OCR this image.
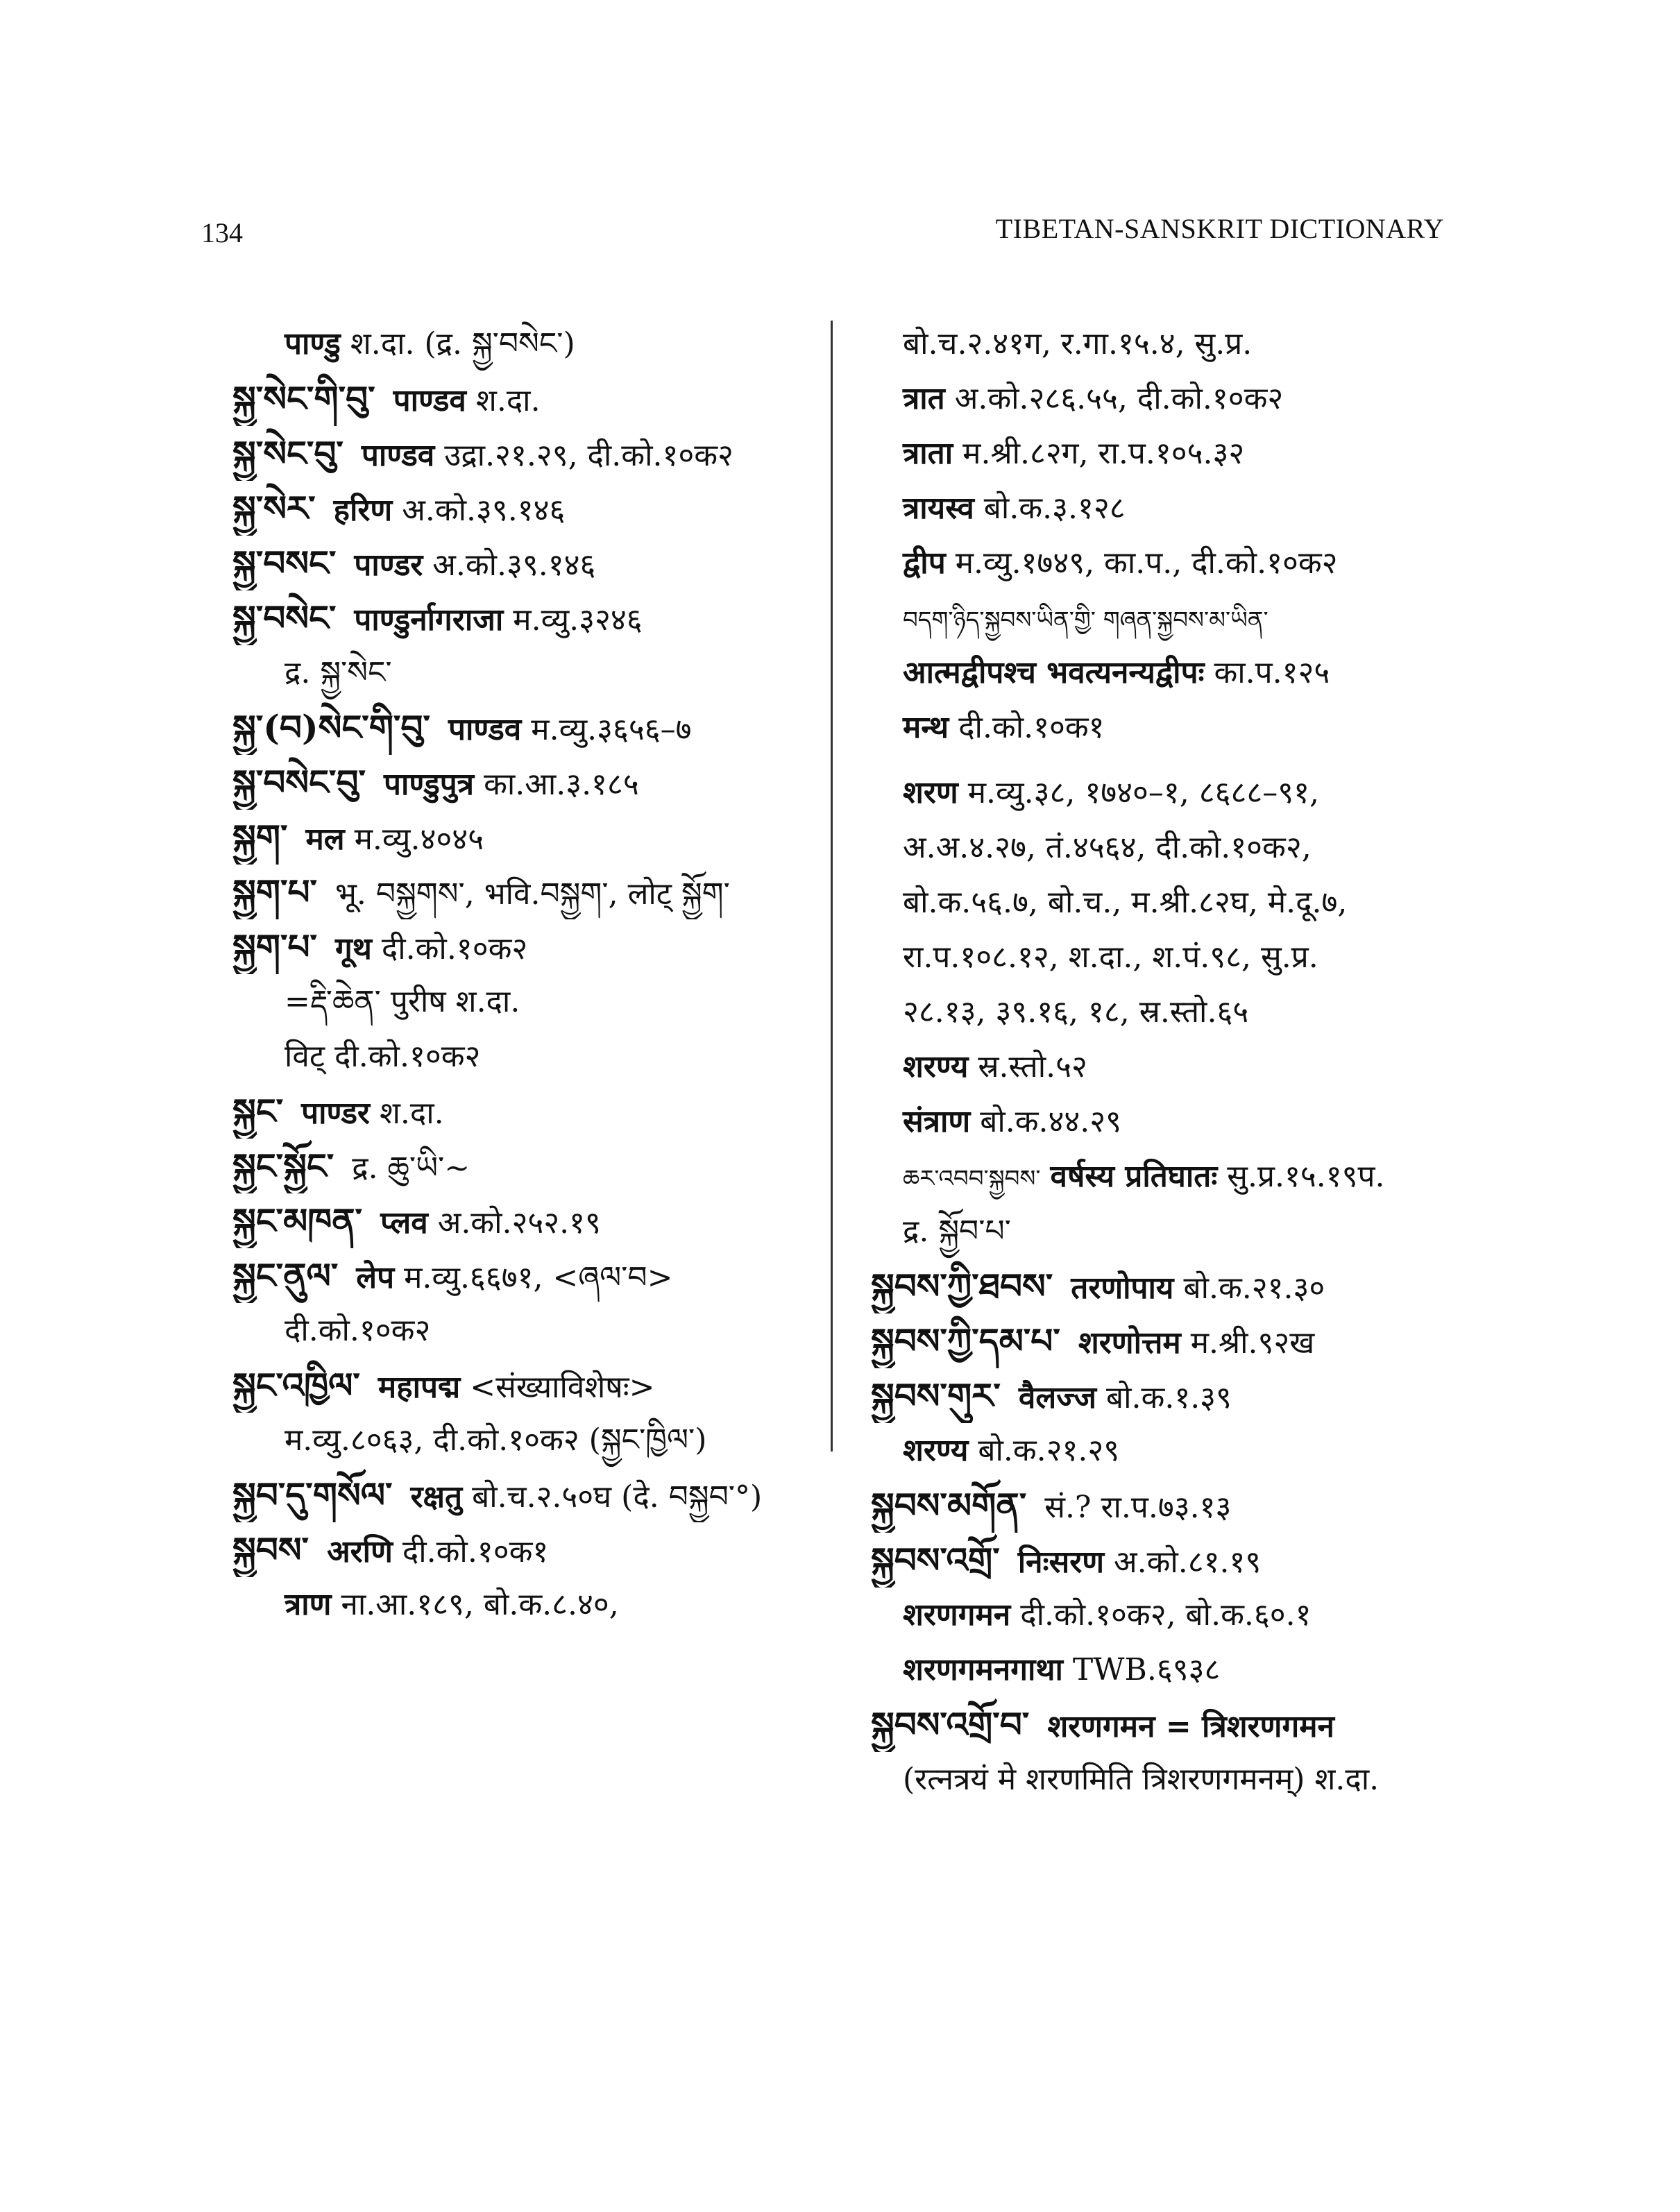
134	TIBETAN-SANSKRIT DICTIONARY
पाण्डु श.दा. (द्र. སྐྱ་བསེང་)
སྐྱ་སེང་གི་བུ་ पाण्डव श.दा.
སྐྱ་སེང་བུ་ पाण्डव उद्रा.२१.२९, दी.को.१०क२
སྐྱ་སེར་ हरिण अ.को.३९.१४६
སྐྱ་བསང་ पाण्डर अ.को.३९.१४६
སྐྱ་བསེང་ पाण्डुर्नागराजा म.व्यु.३२४६
द्र. སྐྱ་སེང་
སྐྱ་(བ)སེང་གི་བུ་ पाण्डव म.व्यु.३६५६–७
སྐྱ་བསེང་བུ་ पाण्डुपुत्र का.आ.३.१८५
སྐྱག་ मल म.व्यु.४०४५
སྐྱག་པ་ भू. བསྐྱགས་, भवि.བསྐྱག་, लोट् སྐྱོག་
སྐྱག་པ་ गूथ दी.को.१०क२
=རྡི་ཆེན་ पुरीष श.दा.
विट् दी.को.१०क२
སྐྱང་ पाण्डर श.दा.
སྐྱང་སྐྱོང་ द्र. ཆུ་ཡི་~
སྐྱང་མཁན་ प्लव अ.को.२५२.१९
སྐྱང་ནུལ་ लेप म.व्यु.६६७१, <ཞལ་བ>
दी.को.१०क२
སྐྱང་འཁྱིལ་ महापद्म <संख्याविशेषः>
म.व्यु.८०६३, दी.को.१०क२ (སྐྱང་ཁྱིལ་)
སྐྱབ་དུ་གསོལ་ रक्षतु बो.च.२.५०घ (दे. བསྐྱབ་°)
སྐྱབས་ अरणि दी.को.१०क१
त्राण ना.आ.१८९, बो.क.८.४०,
बो.च.२.४१ग, र.गा.१५.४, सु.प्र.
त्रात अ.को.२८६.५५, दी.को.१०क२
त्राता म.श्री.८२ग, रा.प.१०५.३२
त्रायस्व बो.क.३.१२८
द्वीप म.व्यु.१७४९, का.प., दी.को.१०क२
བདག་ཉིད་སྐྱབས་ཡིན་གྱི་ གཞན་སྐྱབས་མ་ཡིན་
आत्मद्वीपश्च भवत्यनन्यद्वीपः का.प.१२५
मन्थ दी.को.१०क१
शरण म.व्यु.३८, १७४०–१, ८६८८–९१,
अ.अ.४.२७, तं.४५६४, दी.को.१०क२,
बो.क.५६.७, बो.च., म.श्री.८२घ, मे.दू.७,
रा.प.१०८.१२, श.दा., श.पं.९८, सु.प्र.
२८.१३, ३९.१६, १८, स्र.स्तो.६५
शरण्य स्र.स्तो.५२
संत्राण बो.क.४४.२९
ཆར་འབབ་སྐྱབས་ वर्षस्य प्रतिघातः सु.प्र.१५.१९प.
द्र. སྐྱོབ་པ་
སྐྱབས་ཀྱི་ཐབས་ तरणोपाय बो.क.२१.३०
སྐྱབས་ཀྱི་དམ་པ་ शरणोत्तम म.श्री.९२ख
སྐྱབས་གུར་ वैलज्ज बो.क.१.३९
शरण्य बो.क.२१.२९
སྐྱབས་མགོན་ सं.? रा.प.७३.१३
སྐྱབས་འགྲོ་ निःसरण अ.को.८१.१९
शरणगमन दी.को.१०क२, बो.क.६०.१
शरणगमनगाथा TWB.६९३८
སྐྱབས་འགྲོ་བ་ शरणगमन = त्रिशरणगमन
(रत्नत्रयं मे शरणमिति त्रिशरणगमनम्) श.दा.
